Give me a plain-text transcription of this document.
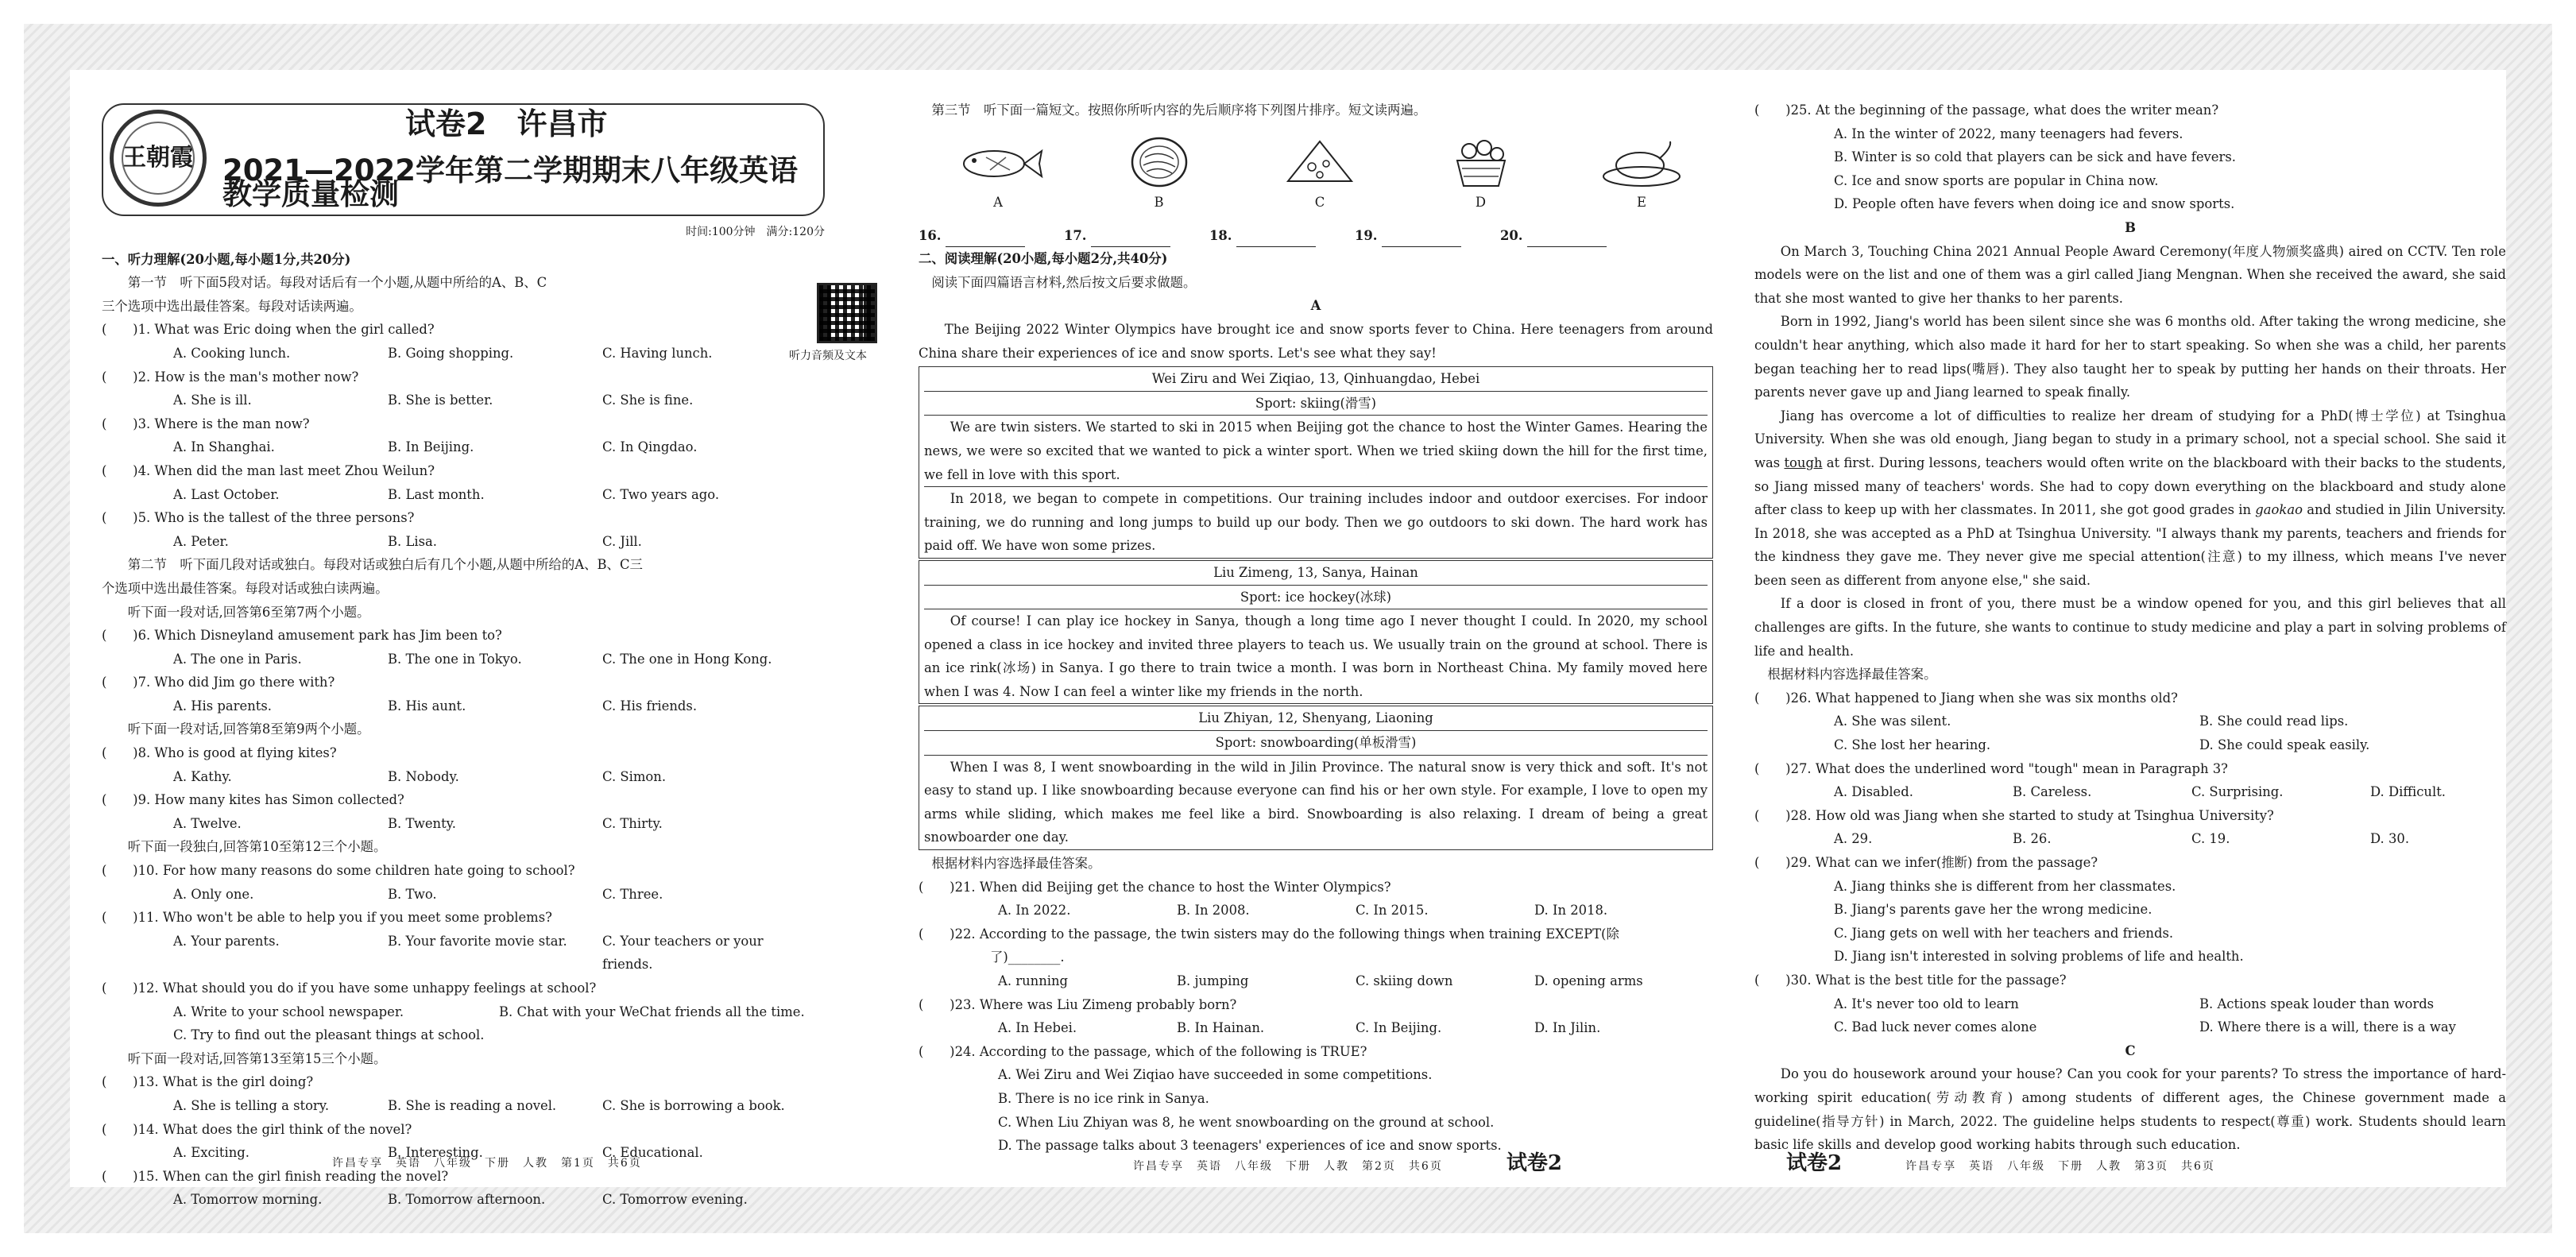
王朝霞
试卷2　许昌市
2021—2022学年第二学期期末八年级英语教学质量检测
时间:100分钟　满分:120分
听力音频及文本
一、听力理解(20小题,每小题1分,共20分)
第一节　听下面5段对话。每段对话后有一个小题,从题中所给的A、B、C
三个选项中选出最佳答案。每段对话读两遍。
(　　)1. What was Eric doing when the girl called?
A. Cooking lunch.	B. Going shopping.	C. Having lunch.
(　　)2. How is the man's mother now?
A. She is ill.	B. She is better.	C. She is fine.
(　　)3. Where is the man now?
A. In Shanghai.	B. In Beijing.	C. In Qingdao.
(　　)4. When did the man last meet Zhou Weilun?
A. Last October.	B. Last month.	C. Two years ago.
(　　)5. Who is the tallest of the three persons?
A. Peter.	B. Lisa.	C. Jill.
第二节　听下面几段对话或独白。每段对话或独白后有几个小题,从题中所给的A、B、C三
个选项中选出最佳答案。每段对话或独白读两遍。
听下面一段对话,回答第6至第7两个小题。
(　　)6. Which Disneyland amusement park has Jim been to?
A. The one in Paris.	B. The one in Tokyo.	C. The one in Hong Kong.
(　　)7. Who did Jim go there with?
A. His parents.	B. His aunt.	C. His friends.
听下面一段对话,回答第8至第9两个小题。
(　　)8. Who is good at flying kites?
A. Kathy.	B. Nobody.	C. Simon.
(　　)9. How many kites has Simon collected?
A. Twelve.	B. Twenty.	C. Thirty.
听下面一段独白,回答第10至第12三个小题。
(　　)10. For how many reasons do some children hate going to school?
A. Only one.	B. Two.	C. Three.
(　　)11. Who won't be able to help you if you meet some problems?
A. Your parents.	B. Your favorite movie star.	C. Your teachers or your friends.
(　　)12. What should you do if you have some unhappy feelings at school?
A. Write to your school newspaper.	B. Chat with your WeChat friends all the time.
C. Try to find out the pleasant things at school.
听下面一段对话,回答第13至第15三个小题。
(　　)13. What is the girl doing?
A. She is telling a story.	B. She is reading a novel.	C. She is borrowing a book.
(　　)14. What does the girl think of the novel?
A. Exciting.	B. Interesting.	C. Educational.
(　　)15. When can the girl finish reading the novel?
A. Tomorrow morning.	B. Tomorrow afternoon.	C. Tomorrow evening.
许昌专享　英语　八年级　下册　人教　第1页　共6页
第三节　听下面一篇短文。按照你所听内容的先后顺序将下列图片排序。短文读两遍。
A	B	C	D	E
16.	17.	18.	19.	20.
二、阅读理解(20小题,每小题2分,共40分)
阅读下面四篇语言材料,然后按文后要求做题。
A
The Beijing 2022 Winter Olympics have brought ice and snow sports fever to China. Here teenagers from around China share their experiences of ice and snow sports. Let's see what they say!
Wei Ziru and Wei Ziqiao, 13, Qinhuangdao, Hebei
Sport: skiing(滑雪)
We are twin sisters. We started to ski in 2015 when Beijing got the chance to host the Winter Games. Hearing the news, we were so excited that we wanted to pick a winter sport. When we tried skiing down the hill for the first time, we fell in love with this sport.
In 2018, we began to compete in competitions. Our training includes indoor and outdoor exercises. For indoor training, we do running and long jumps to build up our body. Then we go outdoors to ski down. The hard work has paid off. We have won some prizes.
Liu Zimeng, 13, Sanya, Hainan
Sport: ice hockey(冰球)
Of course! I can play ice hockey in Sanya, though a long time ago I never thought I could. In 2020, my school opened a class in ice hockey and invited three players to teach us. We usually train on the ground at school. There is an ice rink(冰场) in Sanya. I go there to train twice a month. I was born in Northeast China. My family moved here when I was 4. Now I can feel a winter like my friends in the north.
Liu Zhiyan, 12, Shenyang, Liaoning
Sport: snowboarding(单板滑雪)
When I was 8, I went snowboarding in the wild in Jilin Province. The natural snow is very thick and soft. It's not easy to stand up. I like snowboarding because everyone can find his or her own style. For example, I love to open my arms while sliding, which makes me feel like a bird. Snowboarding is also relaxing. I dream of being a great snowboarder one day.
根据材料内容选择最佳答案。
(　　)21. When did Beijing get the chance to host the Winter Olympics?
A. In 2022.	B. In 2008.	C. In 2015.	D. In 2018.
(　　)22. According to the passage, the twin sisters may do the following things when training EXCEPT(除
了)________.
A. running	B. jumping	C. skiing down	D. opening arms
(　　)23. Where was Liu Zimeng probably born?
A. In Hebei.	B. In Hainan.	C. In Beijing.	D. In Jilin.
(　　)24. According to the passage, which of the following is TRUE?
A. Wei Ziru and Wei Ziqiao have succeeded in some competitions.
B. There is no ice rink in Sanya.
C. When Liu Zhiyan was 8, he went snowboarding on the ground at school.
D. The passage talks about 3 teenagers' experiences of ice and snow sports.
许昌专享　英语　八年级　下册　人教　第2页　共6页　　　　　	试卷2
(　　)25. At the beginning of the passage, what does the writer mean?
A. In the winter of 2022, many teenagers had fevers.
B. Winter is so cold that players can be sick and have fevers.
C. Ice and snow sports are popular in China now.
D. People often have fevers when doing ice and snow sports.
B
On March 3, Touching China 2021 Annual People Award Ceremony(年度人物颁奖盛典) aired on CCTV. Ten role models were on the list and one of them was a girl called Jiang Mengnan. When she received the award, she said that she most wanted to give her thanks to her parents.
Born in 1992, Jiang's world has been silent since she was 6 months old. After taking the wrong medicine, she couldn't hear anything, which also made it hard for her to start speaking. So when she was a child, her parents began teaching her to read lips(嘴唇). They also taught her to speak by putting her hands on their throats. Her parents never gave up and Jiang learned to speak finally.
Jiang has overcome a lot of difficulties to realize her dream of studying for a PhD(博士学位) at Tsinghua University. When she was old enough, Jiang began to study in a primary school, not a special school. She said it was tough at first. During lessons, teachers would often write on the blackboard with their backs to the students, so Jiang missed many of teachers' words. She had to copy down everything on the blackboard and study alone after class to keep up with her classmates. In 2011, she got good grades in gaokao and studied in Jilin University. In 2018, she was accepted as a PhD at Tsinghua University. "I always thank my parents, teachers and friends for the kindness they gave me. They never give me special attention(注意) to my illness, which means I've never been seen as different from anyone else," she said.
If a door is closed in front of you, there must be a window opened for you, and this girl believes that all challenges are gifts. In the future, she wants to continue to study medicine and play a part in solving problems of life and health.
根据材料内容选择最佳答案。
(　　)26. What happened to Jiang when she was six months old?
A. She was silent.	B. She could read lips.
C. She lost her hearing.	D. She could speak easily.
(　　)27. What does the underlined word "tough" mean in Paragraph 3?
A. Disabled.	B. Careless.	C. Surprising.	D. Difficult.
(　　)28. How old was Jiang when she started to study at Tsinghua University?
A. 29.	B. 26.	C. 19.	D. 30.
(　　)29. What can we infer(推断) from the passage?
A. Jiang thinks she is different from her classmates.
B. Jiang's parents gave her the wrong medicine.
C. Jiang gets on well with her teachers and friends.
D. Jiang isn't interested in solving problems of life and health.
(　　)30. What is the best title for the passage?
A. It's never too old to learn	B. Actions speak louder than words
C. Bad luck never comes alone	D. Where there is a will, there is a way
C
Do you do housework around your house? Can you cook for your parents? To stress the importance of hard-working spirit education(劳动教育) among students of different ages, the Chinese government made a guideline(指导方针) in March, 2022. The guideline helps students to respect(尊重) work. Students should learn basic life skills and develop good working habits through such education.
试卷2　　　　　	许昌专享　英语　八年级　下册　人教　第3页　共6页
